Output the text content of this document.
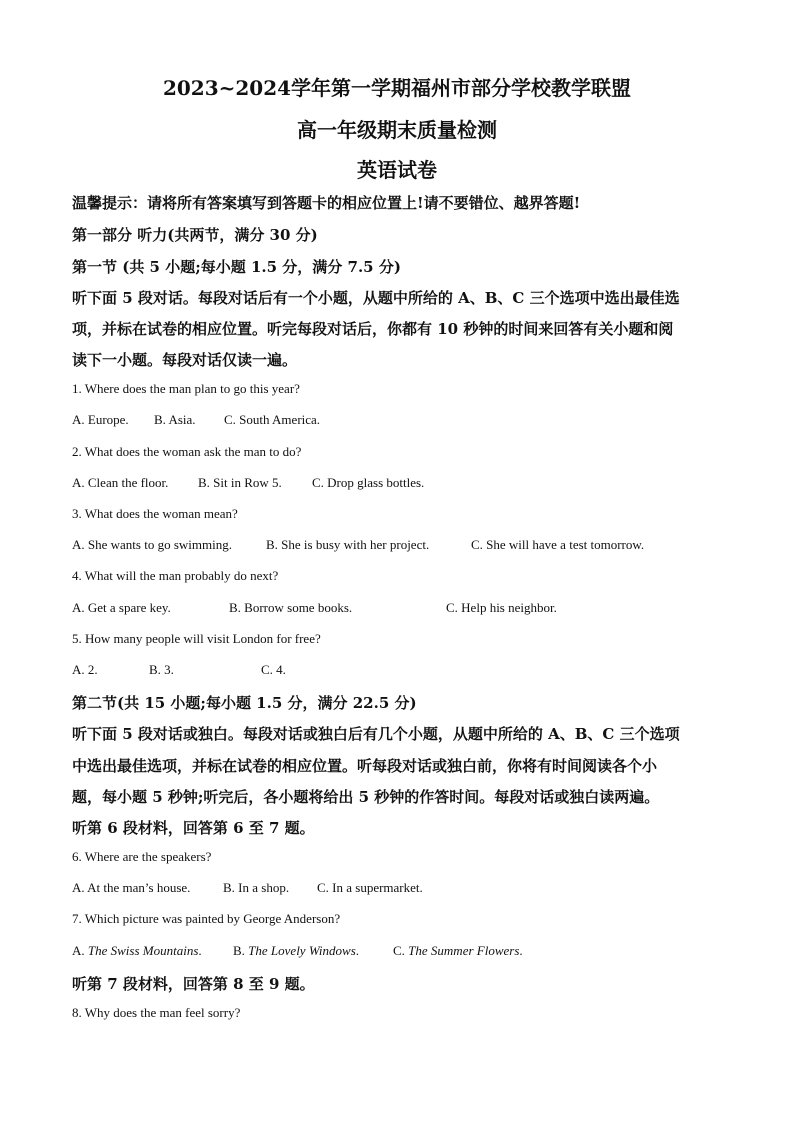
2023~2024学年第一学期福州市部分学校教学联盟
高一年级期末质量检测
英语试卷
温馨提示：请将所有答案填写到答题卡的相应位置上!请不要错位、越界答题!
第一部分 听力(共两节，满分 30 分)
第一节 (共 5 小题;每小题 1.5 分，满分 7.5 分)
听下面 5 段对话。每段对话后有一个小题，从题中所给的 A、B、C 三个选项中选出最佳选
项，并标在试卷的相应位置。听完每段对话后，你都有 10 秒钟的时间来回答有关小题和阅
读下一小题。每段对话仅读一遍。
1. Where does the man plan to go this year?
A. Europe. B. Asia. C. South America.
2. What does the woman ask the man to do?
A. Clean the floor. B. Sit in Row 5. C. Drop glass bottles.
3. What does the woman mean?
A. She wants to go swimming.	B. She is busy with her project.	C. She will have a test tomorrow.
4. What will the man probably do next?
A. Get a spare key.	B. Borrow some books.	C. Help his neighbor.
5. How many people will visit London for free?
A. 2.	B. 3.	C. 4.
第二节(共 15 小题;每小题 1.5 分，满分 22.5 分)
听下面 5 段对话或独白。每段对话或独白后有几个小题，从题中所给的 A、B、C 三个选项
中选出最佳选项，并标在试卷的相应位置。听每段对话或独白前，你将有时间阅读各个小
题，每小题 5 秒钟;听完后，各小题将给出 5 秒钟的作答时间。每段对话或独白读两遍。
听第 6 段材料，回答第 6 至 7 题。
6. Where are the speakers?
A. At the man’s house.	B. In a shop. C. In a supermarket.
7. Which picture was painted by George Anderson?
A. The Swiss Mountains. B. The Lovely Windows.	C. The Summer Flowers.
听第 7 段材料，回答第 8 至 9 题。
8. Why does the man feel sorry?
